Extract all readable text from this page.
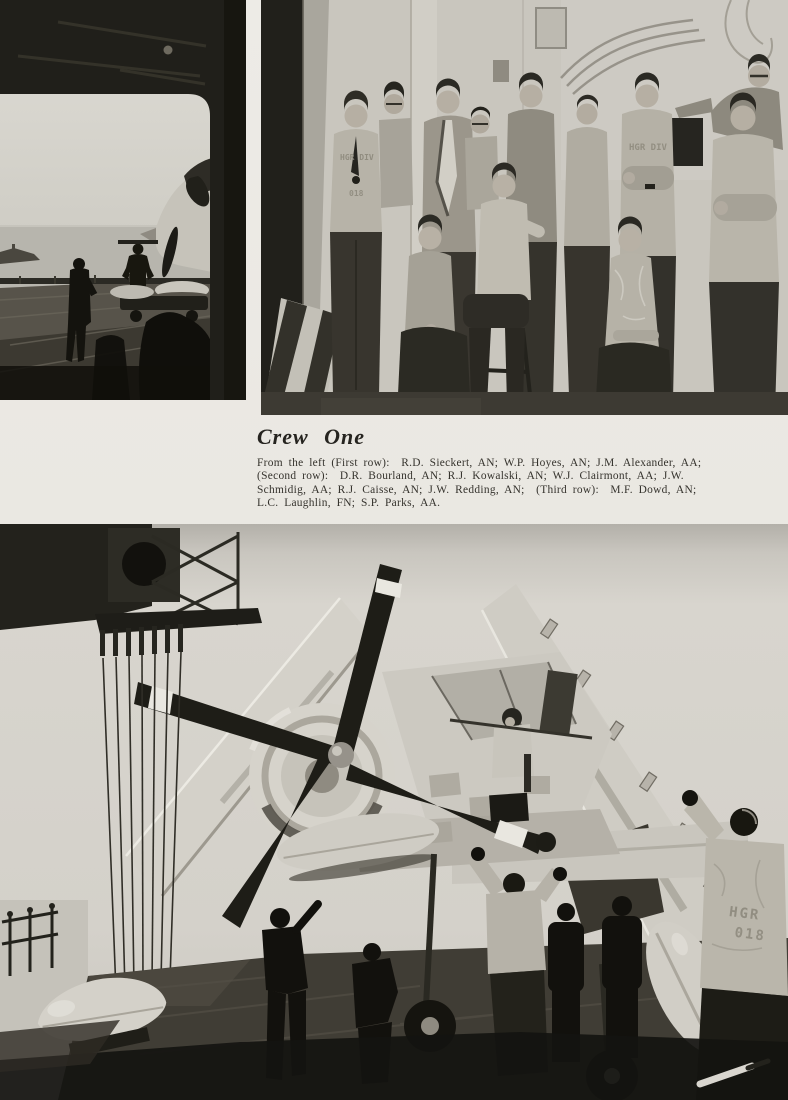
HGR DIV
018
HGR DIV
Crew One
From the left (First row):  R.D. Sieckert, AN; W.P. Hoyes, AN; J.M. Alexander, AA;
(Second row):  D.R. Bourland, AN; R.J. Kowalski, AN; W.J. Clairmont, AA; J.W.
Schmidig, AA; R.J. Caisse, AN; J.W. Redding, AN;  (Third row):  M.F. Dowd, AN;
L.C. Laughlin, FN; S.P. Parks, AA.
HGR
018
